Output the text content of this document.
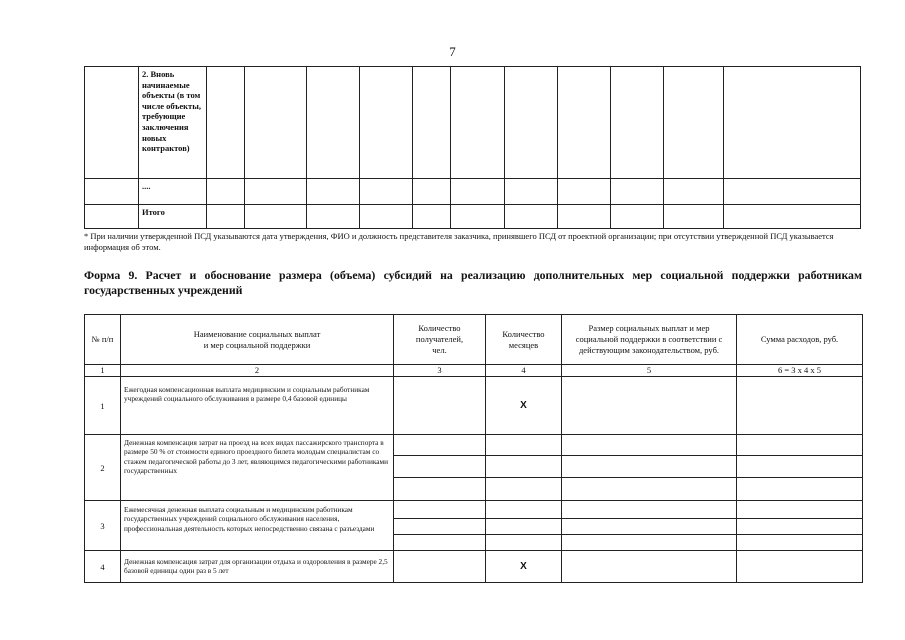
7
	2. Вновь начинаемые объекты (в том числе объекты, требующие заключения новых контрактов)											
	....											
	Итого											
* При наличии утвержденной ПСД указываются дата утверждения, ФИО и должность представителя заказчика, принявшего ПСД от проектной организации; при отсутствии утвержденной ПСД указывается информация об этом.
Форма 9. Расчет и обоснование размера (объема) субсидий на реализацию дополнительных мер социальной поддержки работникам государственных учреждений
№ п/п	Наименование социальных выплат и мер социальной поддержки	Количество получателей, чел.	Количество месяцев	Размер социальных выплат и мер социальной поддержки в соответствии с действующим законодательством, руб.	Сумма расходов, руб.
1	2	3	4	5	6 = 3 x 4 x 5
1	Ежегодная компенсационная выплата медицинским и социальным работникам учреждений социального обслуживания в размере 0,4 базовой единицы		X		
2	Денежная компенсация затрат на проезд на всех видах пассажирского транспорта в размере 50 % от стоимости единого проездного билета молодым специалистам со стажем педагогической работы до 3 лет, являющимся педагогическими работниками государственных				

3	Ежемесячная денежная выплата социальным и медицинским работникам государственных учреждений социального обслуживания населения, профессиональная деятельность которых непосредственно связана с разъездами	

4	Денежная компенсация затрат для организации отдыха и оздоровления в размере 2,5 базовой единицы один раз в 5 лет		X		
